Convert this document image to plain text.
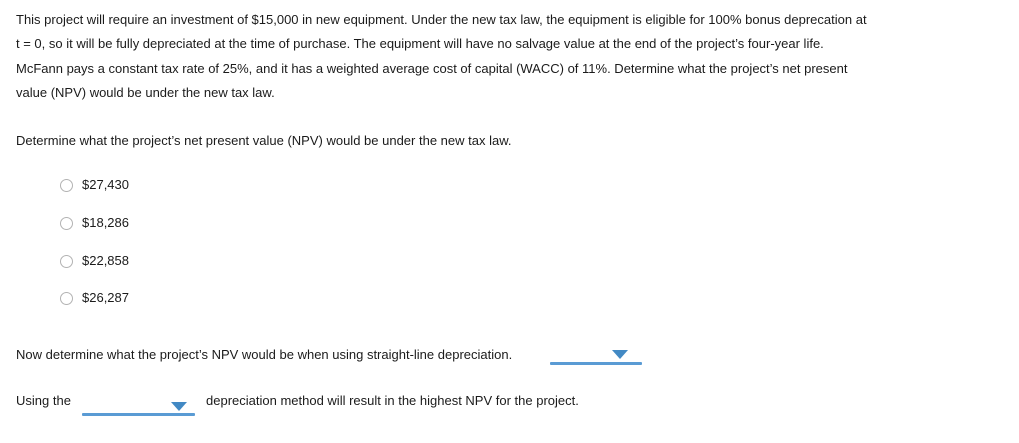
This project will require an investment of $15,000 in new equipment. Under the new tax law, the equipment is eligible for 100% bonus deprecation at
t = 0, so it will be fully depreciated at the time of purchase. The equipment will have no salvage value at the end of the project’s four-year life.
McFann pays a constant tax rate of 25%, and it has a weighted average cost of capital (WACC) of 11%. Determine what the project’s net present
value (NPV) would be under the new tax law.
Determine what the project’s net present value (NPV) would be under the new tax law.
$27,430
$18,286
$22,858
$26,287
Now determine what the project’s NPV would be when using straight-line depreciation.
Using the	depreciation method will result in the highest NPV for the project.
